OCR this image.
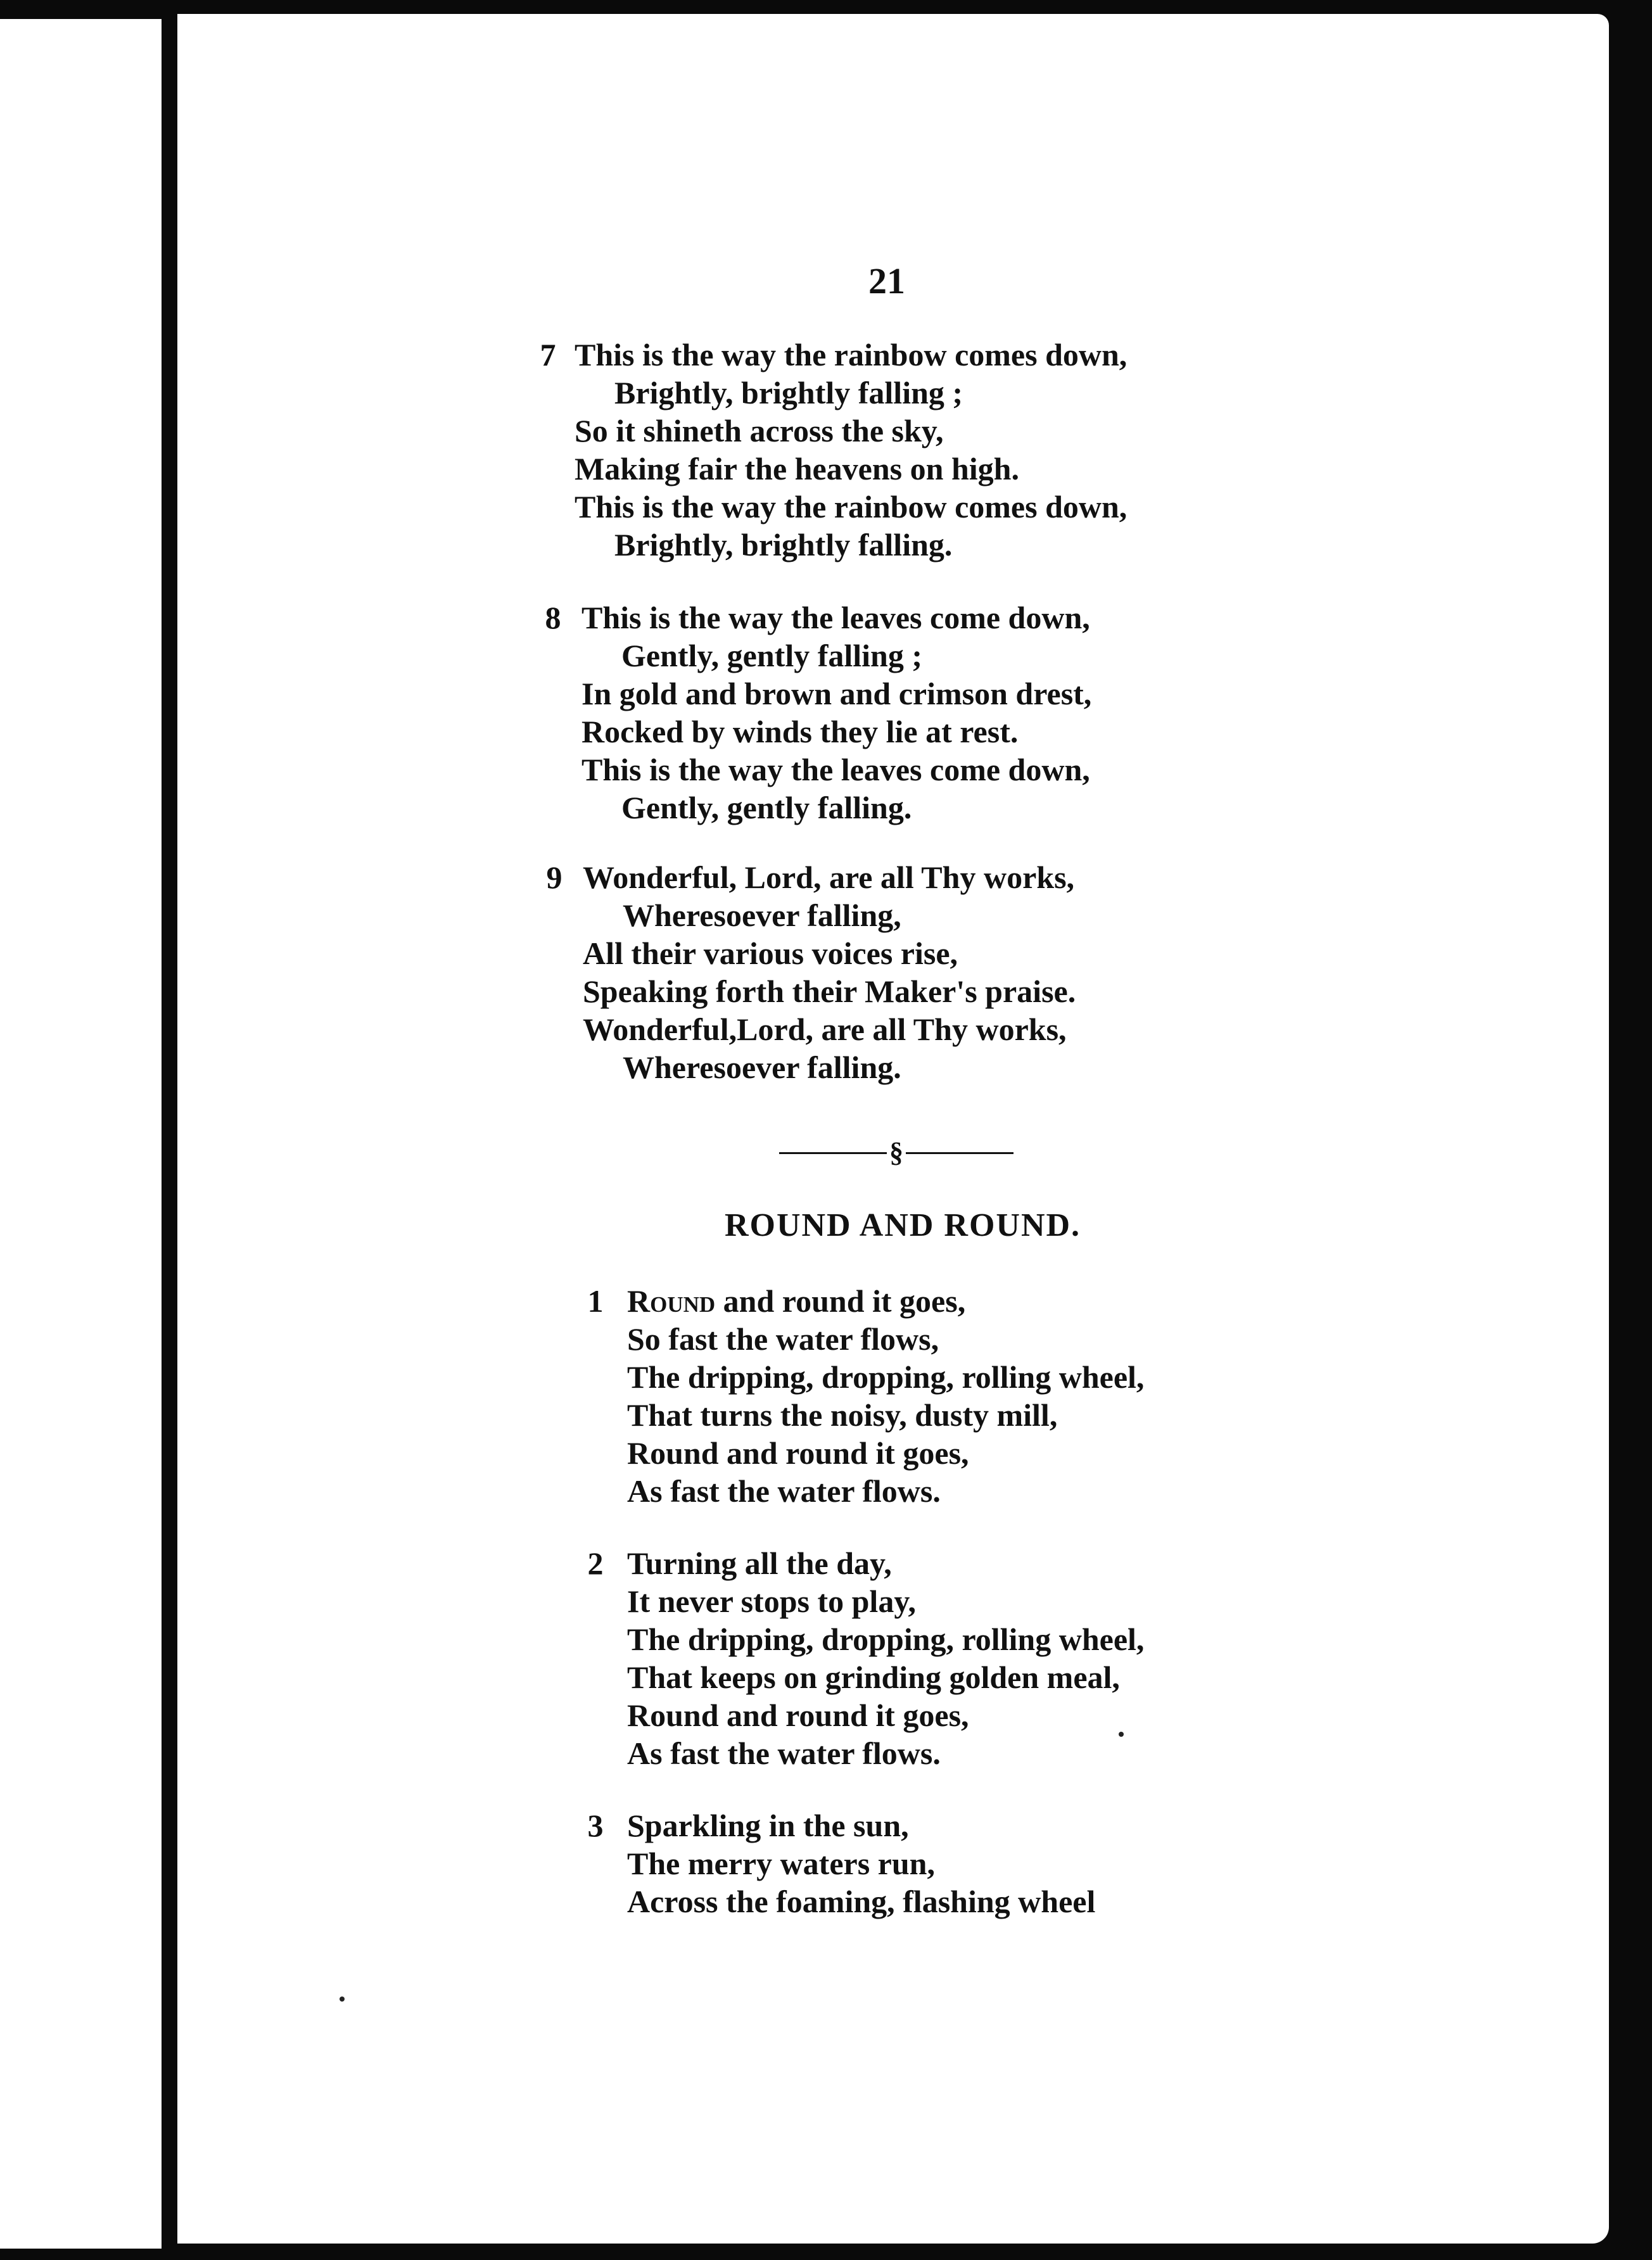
21
7 This is the way the rainbow comes down,
Brightly, brightly falling ;
So it shineth across the sky,
Making fair the heavens on high.
This is the way the rainbow comes down,
Brightly, brightly falling.
8 This is the way the leaves come down,
Gently, gently falling ;
In gold and brown and crimson drest,
Rocked by winds they lie at rest.
This is the way the leaves come down,
Gently, gently falling.
9 Wonderful, Lord, are all Thy works,
Wheresoever falling,
All their various voices rise,
Speaking forth their Maker's praise.
Wonderful,Lord, are all Thy works,
Wheresoever falling.
§
ROUND AND ROUND.
1 Round and round it goes,
So fast the water flows,
The dripping, dropping, rolling wheel,
That turns the noisy, dusty mill,
Round and round it goes,
As fast the water flows.
2 Turning all the day,
It never stops to play,
The dripping, dropping, rolling wheel,
That keeps on grinding golden meal,
Round and round it goes,
As fast the water flows.
3 Sparkling in the sun,
The merry waters run,
Across the foaming, flashing wheel
